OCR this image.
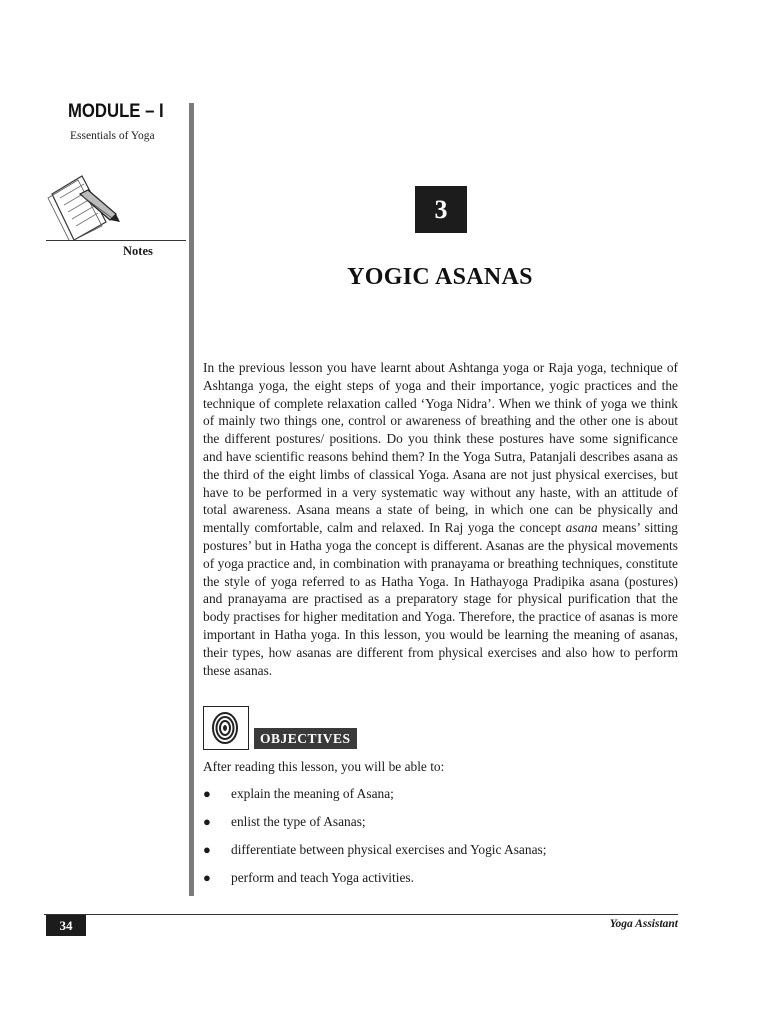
MODULE – I
Essentials of Yoga
Notes
3
YOGIC ASANAS
In the previous lesson you have learnt about Ashtanga yoga or Raja yoga, technique of Ashtanga yoga, the eight steps of yoga and their importance, yogic practices and the technique of complete relaxation called ‘Yoga Nidra’. When we think of yoga we think of mainly two things one, control or awareness of breathing and the other one is about the different postures/ positions. Do you think these postures have some significance and have scientific reasons behind them? In the Yoga Sutra, Patanjali describes asana as the third of the eight limbs of classical Yoga. Asana are not just physical exercises, but have to be performed in a very systematic way without any haste, with an attitude of total awareness. Asana means a state of being, in which one can be physically and mentally comfortable, calm and relaxed. In Raj yoga the concept asana means’ sitting postures’ but in Hatha yoga the concept is different. Asanas are the physical movements of yoga practice and, in combination with pranayama or breathing techniques, constitute the style of yoga referred to as Hatha Yoga. In Hathayoga Pradipika asana (postures) and pranayama are practised as a preparatory stage for physical purification that the body practises for higher meditation and Yoga. Therefore, the practice of asanas is more important in Hatha yoga. In this lesson, you would be learning the meaning of asanas, their types, how asanas are different from physical exercises and also how to perform these asanas.
OBJECTIVES
After reading this lesson, you will be able to:
● explain the meaning of Asana;
● enlist the type of Asanas;
● differentiate between physical exercises and Yogic Asanas;
● perform and teach Yoga activities.
34	Yoga Assistant
